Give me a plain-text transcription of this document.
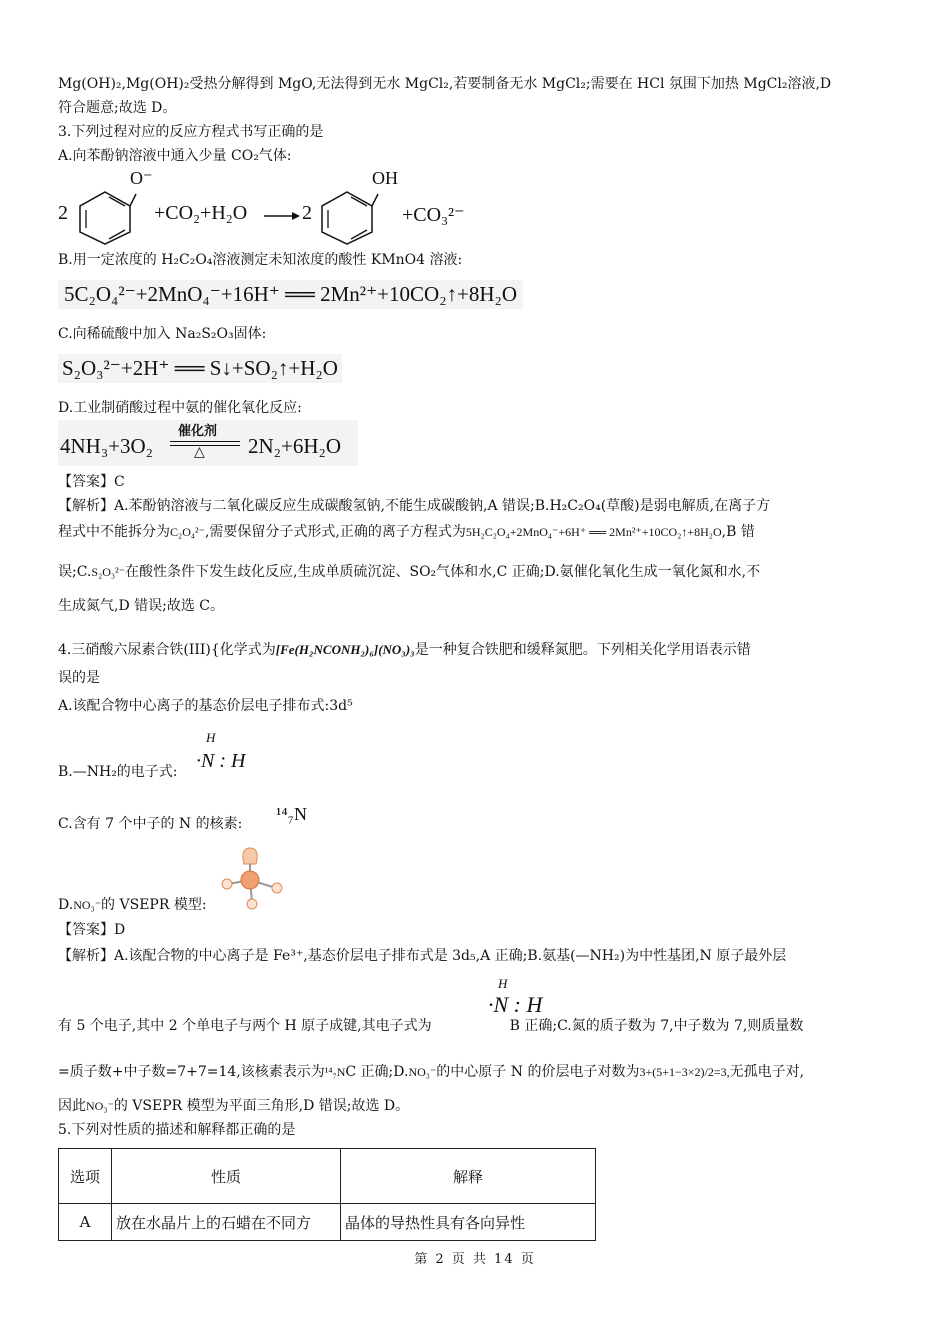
Mg(OH)₂,Mg(OH)₂受热分解得到 MgO,无法得到无水 MgCl₂,若要制备无水 MgCl₂;需要在 HCl 氛围下加热 MgCl₂溶液,D
符合题意;故选 D。
3.下列过程对应的反应方程式书写正确的是
A.向苯酚钠溶液中通入少量 CO₂气体:
2
O⁻
+CO₂+H₂O	2
OH
+CO₃²⁻
B.用一定浓度的 H₂C₂O₄溶液测定未知浓度的酸性 KMnO4 溶液:
5C₂O₄²⁻+2MnO₄⁻+16H⁺ ══ 2Mn²⁺+10CO₂↑+8H₂O
C.向稀硫酸中加入 Na₂S₂O₃固体:
S₂O₃²⁻+2H⁺ ══ S↓+SO₂↑+H₂O
D.工业制硝酸过程中氨的催化氧化反应:
4NH₃+3O₂
催化剂
△ 2N₂+6H₂O
【答案】C
【解析】A.苯酚钠溶液与二氧化碳反应生成碳酸氢钠,不能生成碳酸钠,A 错误;B.H₂C₂O₄(草酸)是弱电解质,在离子方
程式中不能拆分为C₂O₄²⁻,需要保留分子式形式,正确的离子方程式为5H₂C₂O₄+2MnO₄⁻+6H⁺ ══ 2Mn²⁺+10CO₂↑+8H₂O,B 错
误;C.S₂O₃²⁻在酸性条件下发生歧化反应,生成单质硫沉淀、SO₂气体和水,C 正确;D.氨催化氧化生成一氧化氮和水,不
生成氮气,D 错误;故选 C。
4.三硝酸六尿素合铁(III){化学式为[Fe(H₂NCONH₂)₆](NO₃)₃是一种复合铁肥和缓释氮肥。下列相关化学用语表示错
误的是
A.该配合物中心离子的基态价层电子排布式:3d⁵
B.—NH₂的电子式:
H
·N : H
C.含有 7 个中子的 N 的核素:	¹⁴₇N
D.NO₃⁻的 VSEPR 模型:
【答案】D
【解析】A.该配合物的中心离子是 Fe³⁺,基态价层电子排布式是 3d₅,A 正确;B.氨基(—NH₂)为中性基团,N 原子最外层
有 5 个电子,其中 2 个单电子与两个 H 原子成键,其电子式为	B 正确;C.氮的质子数为 7,中子数为 7,则质量数
H
·N : H
=质子数+中子数=7+7=14,该核素表示为¹⁴₇NC 正确;D.NO₃⁻的中心原子 N 的价层电子对数为3+(5+1−3×2)/2=3,无孤电子对,
因此NO₃⁻的 VSEPR 模型为平面三角形,D 错误;故选 D。
5.下列对性质的描述和解释都正确的是
选项	性质	解释
A	放在水晶片上的石蜡在不同方	晶体的导热性具有各向异性
第 2 页 共 14 页
